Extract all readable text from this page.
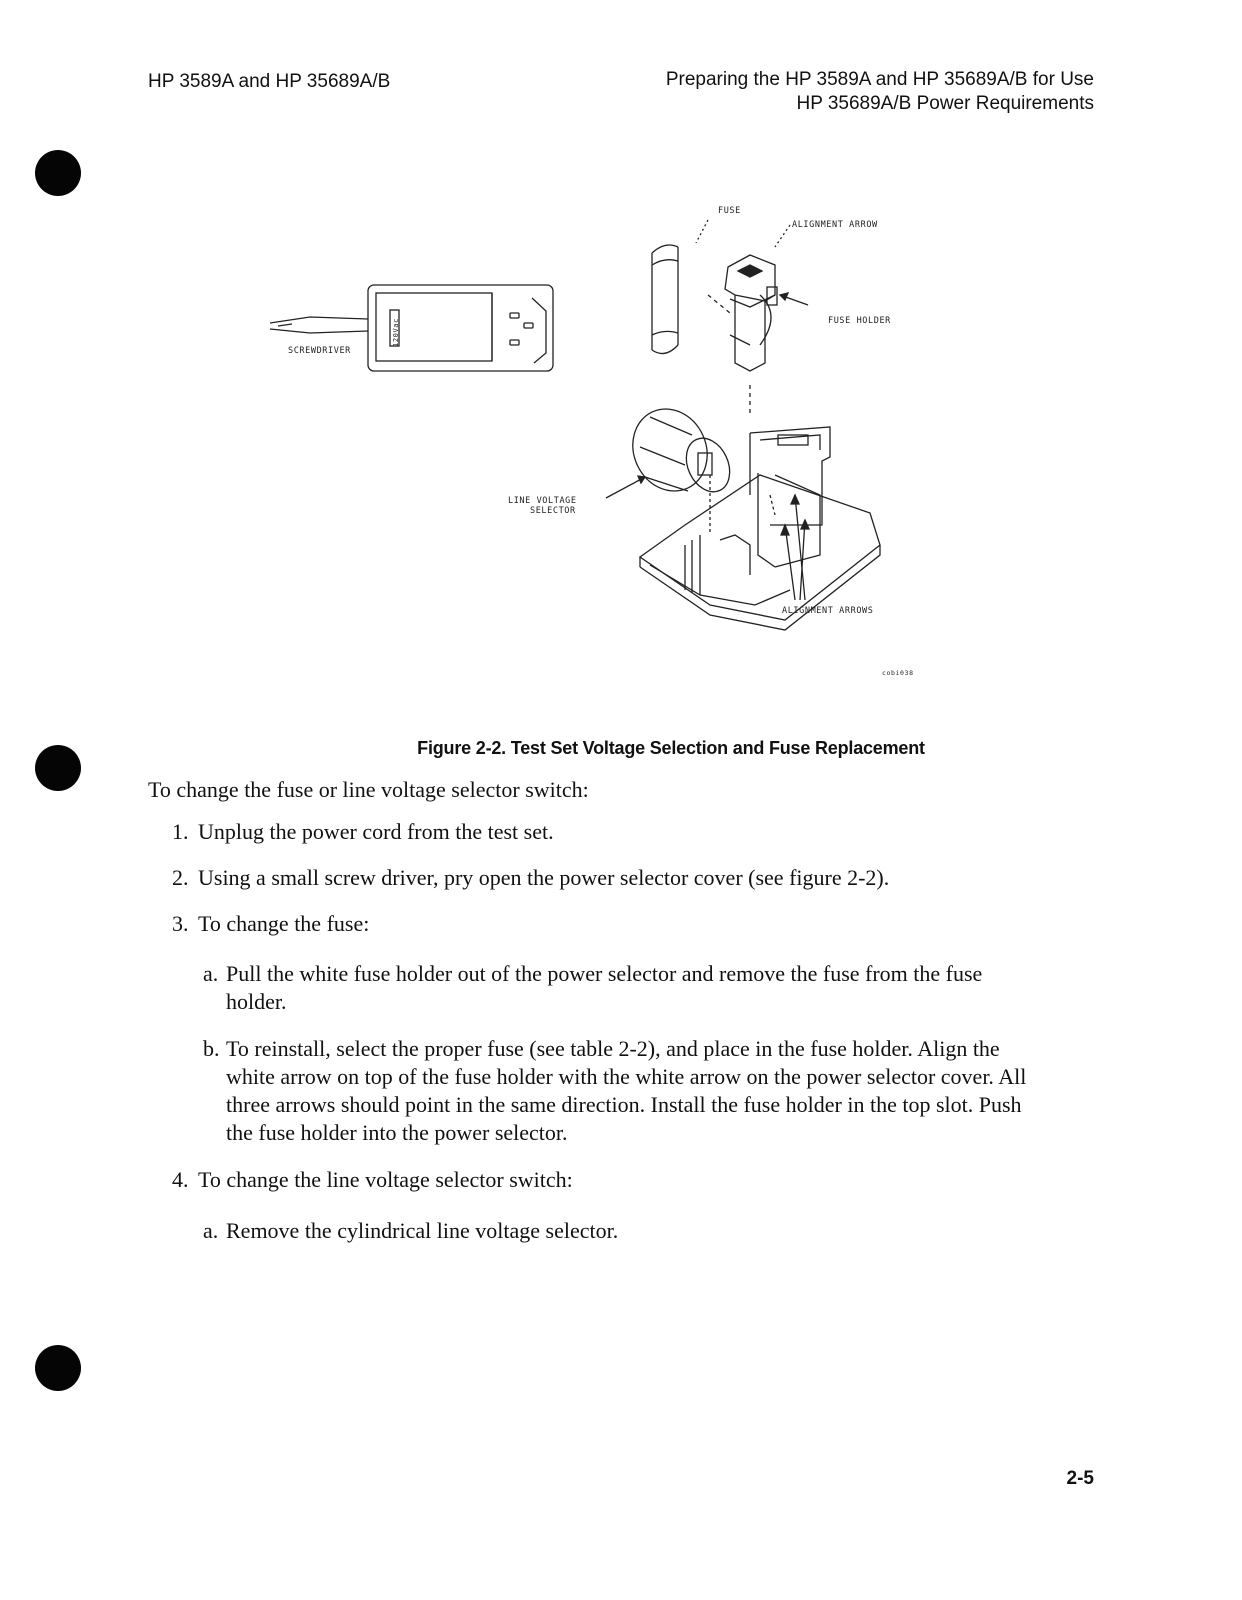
HP 3589A and HP 35689A/B	Preparing the HP 3589A and HP 35689A/B for Use
HP 35689A/B Power Requirements
FUSE
ALIGNMENT ARROW
FUSE HOLDER
SCREWDRIVER
120Vac
LINE VOLTAGE
SELECTOR
ALIGNMENT ARROWS
cobi038
Figure 2-2. Test Set Voltage Selection and Fuse Replacement
To change the fuse or line voltage selector switch:
1. Unplug the power cord from the test set.
2. Using a small screw driver, pry open the power selector cover (see figure 2-2).
3. To change the fuse:
a. Pull the white fuse holder out of the power selector and remove the fuse from the fuse
holder.
b. To reinstall, select the proper fuse (see table 2-2), and place in the fuse holder. Align the
white arrow on top of the fuse holder with the white arrow on the power selector cover. All
three arrows should point in the same direction. Install the fuse holder in the top slot. Push
the fuse holder into the power selector.
4. To change the line voltage selector switch:
a. Remove the cylindrical line voltage selector.
2-5
